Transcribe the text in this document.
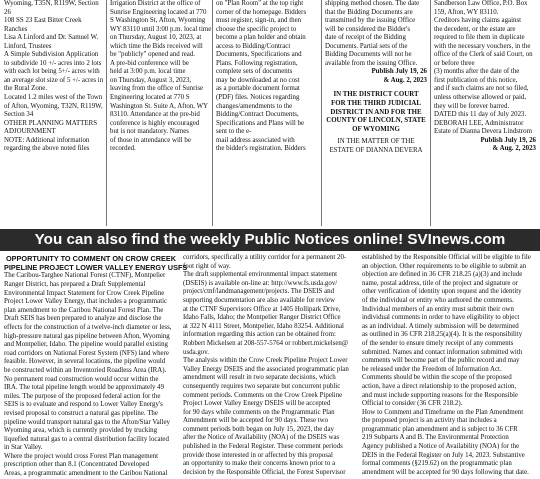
Wyoming, T35N, R119W, Section
26
108 SS 23 East Bitter Creek
Ranches
Lisa A Linford and Dr. Samuel W.
Linford, Trustees
A Simple Subdivision Application
to subdivide 10 +/- acres into 2 lots
with each lot being 5+/- acres with
an average slot size of 5 +/- acres in
the Rural Zone.
Located 1.2 miles west of the Town
of Afton, Wyoming, T32N, R119W,
Section 34
OTHER PLANNING MATTERS
ADJOURNMENT
NOTE: Additional information
regarding the above noted files
Irrigation District at the office of
Sunrise Engineering located at 770
S Washington St, Afton, Wyoming
WY 83110 until 3:00 p.m. local time
on Thursday, August 10, 2023, at
which time the Bids received will
be "publicly" opened and read.
A pre-bid conference will be
held at 3:00 p.m. local time
on Thursday, August 3, 2023,
leaving from the office of Sunrise
Engineering located at 770 S
Washington St. Suite A, Afton, WY
83110. Attendance at the pre-bid
conference is highly encouraged
but is not mandatory. Names
of those in attendance will be
recorded.
on "Plan Room" at the top right
corner of the homepage. Bidders
must register, sign-in, and then
choose the specific project to
become a plan holder and obtain
access to Bidding/Contract
Documents, Specifications and
Plans. Following registration,
complete sets of documents
may be downloaded at no cost
as a portable document format
(PDF) files. Notices regarding
changes/amendments to the
Bidding/Contract Documents,
Specifications and Plans will be
sent to the e-
mail address associated with
the bidder's registration. Bidders
shipping method chosen. The date
that the Bidding Documents are
transmitted by the issuing Office
will be considered the Bidder's
date of receipt of the Bidding
Documents. Partial sets of the
Bidding Documents will not be
available from the issuing Office.
Publish July 19, 26
& Aug. 2, 2023
IN THE DISTRICT COURT
FOR THE THIRD JUDICIAL
DISTRICT IN AND FOR THE
COUNTY OF LINCOLN, STATE
OF WYOMING
IN THE MATTER OF THE
ESTATE OF DIANNA DEVERA
Sandberson Law Office, P.O. Box
159, Afton, WY 83110.
Creditors having claims against
the decedent, or the estate are
required to file them in duplicate
with the necessary vouchers, in the
office of the Clerk of said Court, on
or before three
(3) months after the date of the
first publication of this notice,
and if such claims are not so filed,
unless otherwise allowed or paid,
they will be forever barred.
DATED this 11 day of July 2023.
DEBORAH LEE, Administrator
Estate of Dianna Devera Lindstrom
Publish July 19, 26
& Aug. 2, 2023
You can also find the weekly Public Notices online! SVInews.com
OPPORTUNITY TO COMMENT ON CROW CREEK
PIPELINE PROJECT LOWER VALLEY ENERGY USFS
The Caribou-Targhee National Forest (CTNF), Montpelier
Ranger District, has prepared a Draft Supplemental
Environmental Impact Statement for Crow Creek Pipeline
Project Lower Valley Energy, that includes a programmatic
plan amendment to the Caribou National Forest Plan. The
Draft SEIS has been prepared to analyze and disclose the
effects for the construction of a twelve-inch diameter or less,
high-pressure natural gas pipeline between Afton, Wyoming
and Montpelier, Idaho. The pipeline would parallel existing
road corridors on National Forest System (NFS) land where
feasible. However, in several locations, the pipeline would
be constructed within an Inventoried Roadless Area (IRA).
No permanent road construction would occur within the
IRA. The total pipeline length would be approximately 49
miles. The purpose of the proposed federal action for the
SEIS is to evaluate and respond to Lower Valley Energy's
revised proposal to construct a natural gas pipeline. The
pipeline would transport natural gas to the Afton/Star Valley
Wyoming area, which is currently provided by trucking
liquefied natural gas to a central distribution facility located
in Star Valley.
Where the project would cross Forest Plan management
prescription other than 8.1 (Concentrated Developed
Areas, a programmatic amendment to the Caribou National
corridors, specifically a utility corridor for a permanent 20-
foot right of way.
The draft supplemental environmental impact statement
(DSEIS) is available on-line at: http://www.fs.usda.gov/
project/ctnf/landmanagement/projects. The DSEIS and
supporting documentation are also available for review
at the CTNF Supervisors Office at 1405 Hollipark Drive,
Idaho Falls, Idaho; the Montpelier Ranger District Office
at 322 N 4111 Street, Montpelier, Idaho 83254. Additional
information regarding this action can be obtained from:
Robbert Mickelsen at 208-557-5764 or robbert.mickelsen@
usda.gov.
The analysis within the Crow Creek Pipeline Project Lower
Valley Energy DSEIS and the associated programmatic plan
amendment will result in two separate decisions, which
consequently requires two separate but concurrent public
comment periods. Comments on the Crow Creek Pipeline
Project Lower Valley Energy DSEIS will be accepted
for 90 days while comments on the Programmatic Plan
Amendment will be accepted for 90 days. These two
comment periods both began on July 15, 2023, the day
after the Notice of Availability (NOA) of the DSEIS was
published in the Federal Register. These comment periods
provide those interested in or affected by this proposal
an opportunity to make their concerns known prior to a
decision by the Responsible Official, the Forest Supervisor
established by the Responsible Official will be eligible to file
an objection. Other requirements to be eligible to submit an
objection are defined in 36 CFR 218.25 (a)(3) and include
name, postal address, title of the project and signature or
other verification of identity upon request and the identity
of the individual or entity who authored the comments.
Individual members of an entity must submit their own
individual comments in order to have eligibility to object
as an individual. A timely submission will be determined
as outlined in 36 CFR 218.25(a)(4). It is the responsibility
of the sender to ensure timely receipt of any comments
submitted. Names and contact information submitted with
comments will become part of the public record and may
be released under the Freedom of Information Act.
Comments should be within the scope of the proposed
action, have a direct relationship to the proposed action,
and must include supporting reasons for the Responsible
Official to consider (36 CFR 218.2).
How to Comment and Timeframe on the Plan Amendment
the proposed project is an activity that includes a
programmatic plan amendment and is subject to 36 CFR
219 Subparts A and B. The Environmental Protection
Agency published a Notice of Availability (NOA) for the
DEIS in the Federal Register on July 14, 2023. Substantive
formal comments (§219.62) on the programmatic plan
amendment will be accepted for 90 days following that date.
